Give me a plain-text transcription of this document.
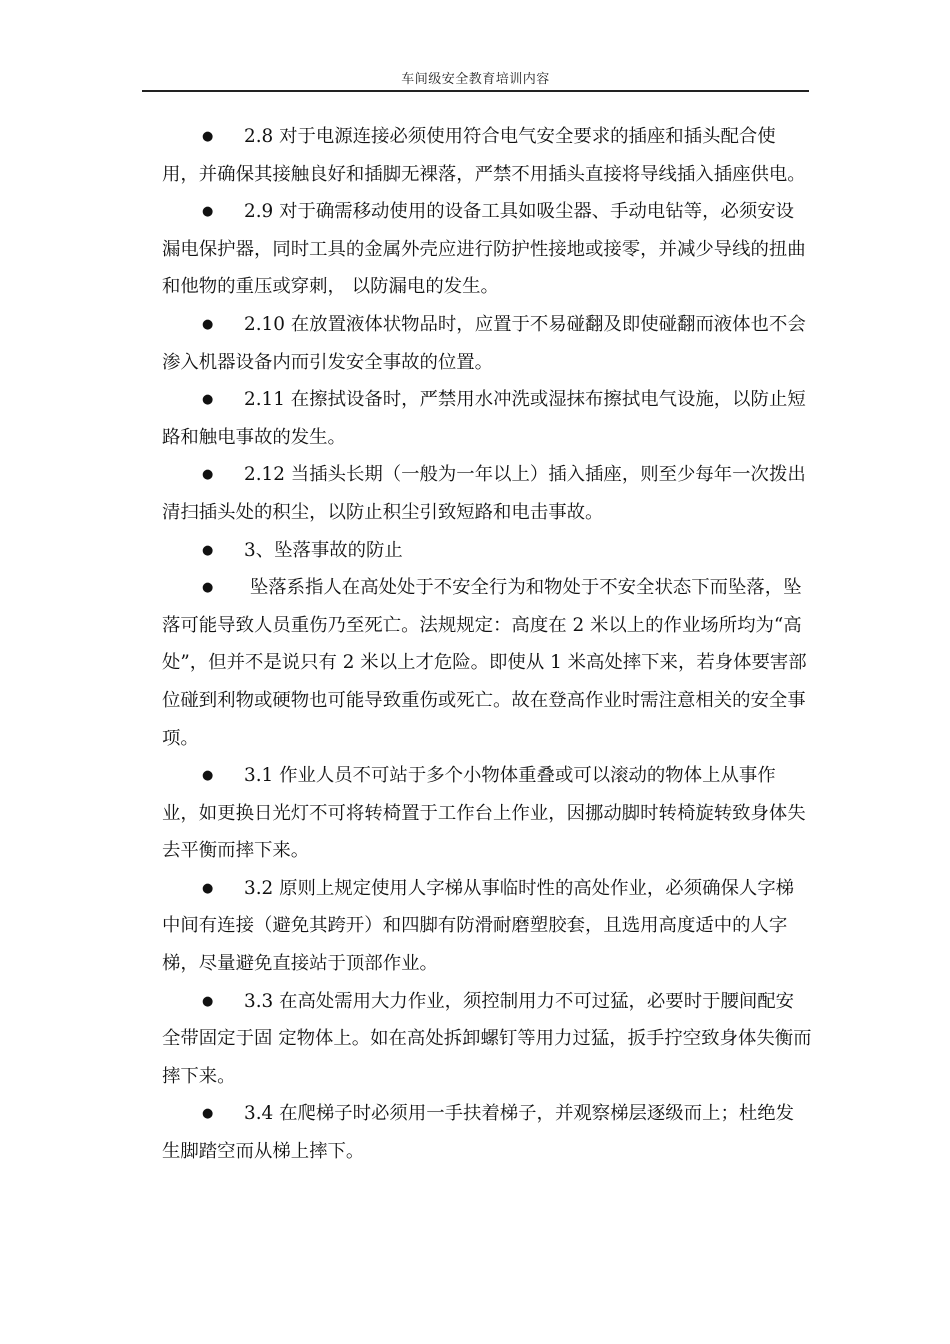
车间级安全教育培训内容

● 2.8 对于电源连接必须使用符合电气安全要求的插座和插头配合使用，并确保其接触良好和插脚无裸落，严禁不用插头直接将导线插入插座供电。

● 2.9 对于确需移动使用的设备工具如吸尘器、手动电钻等，必须安设漏电保护器，同时工具的金属外壳应进行防护性接地或接零，并减少导线的扭曲和他物的重压或穿刺， 以防漏电的发生。

● 2.10 在放置液体状物品时，应置于不易碰翻及即使碰翻而液体也不会渗入机器设备内而引发安全事故的位置。

● 2.11 在擦拭设备时，严禁用水冲洗或湿抹布擦拭电气设施，以防止短路和触电事故的发生。

● 2.12 当插头长期（一般为一年以上）插入插座，则至少每年一次拨出清扫插头处的积尘，以防止积尘引致短路和电击事故。

● 3、坠落事故的防止

● 坠落系指人在高处处于不安全行为和物处于不安全状态下而坠落，坠落可能导致人员重伤乃至死亡。法规规定：高度在 2 米以上的作业场所均为“高处”，但并不是说只有 2 米以上才危险。即使从 1 米高处摔下来，若身体要害部位碰到利物或硬物也可能导致重伤或死亡。故在登高作业时需注意相关的安全事项。

● 3.1 作业人员不可站于多个小物体重叠或可以滚动的物体上从事作业，如更换日光灯不可将转椅置于工作台上作业，因挪动脚时转椅旋转致身体失去平衡而摔下来。

● 3.2 原则上规定使用人字梯从事临时性的高处作业，必须确保人字梯中间有连接（避免其跨开）和四脚有防滑耐磨塑胶套，且选用高度适中的人字梯，尽量避免直接站于顶部作业。

● 3.3 在高处需用大力作业，须控制用力不可过猛，必要时于腰间配安全带固定于固 定物体上。如在高处拆卸螺钉等用力过猛，扳手拧空致身体失衡而摔下来。

● 3.4 在爬梯子时必须用一手扶着梯子，并观察梯层逐级而上；杜绝发生脚踏空而从梯上摔下。
